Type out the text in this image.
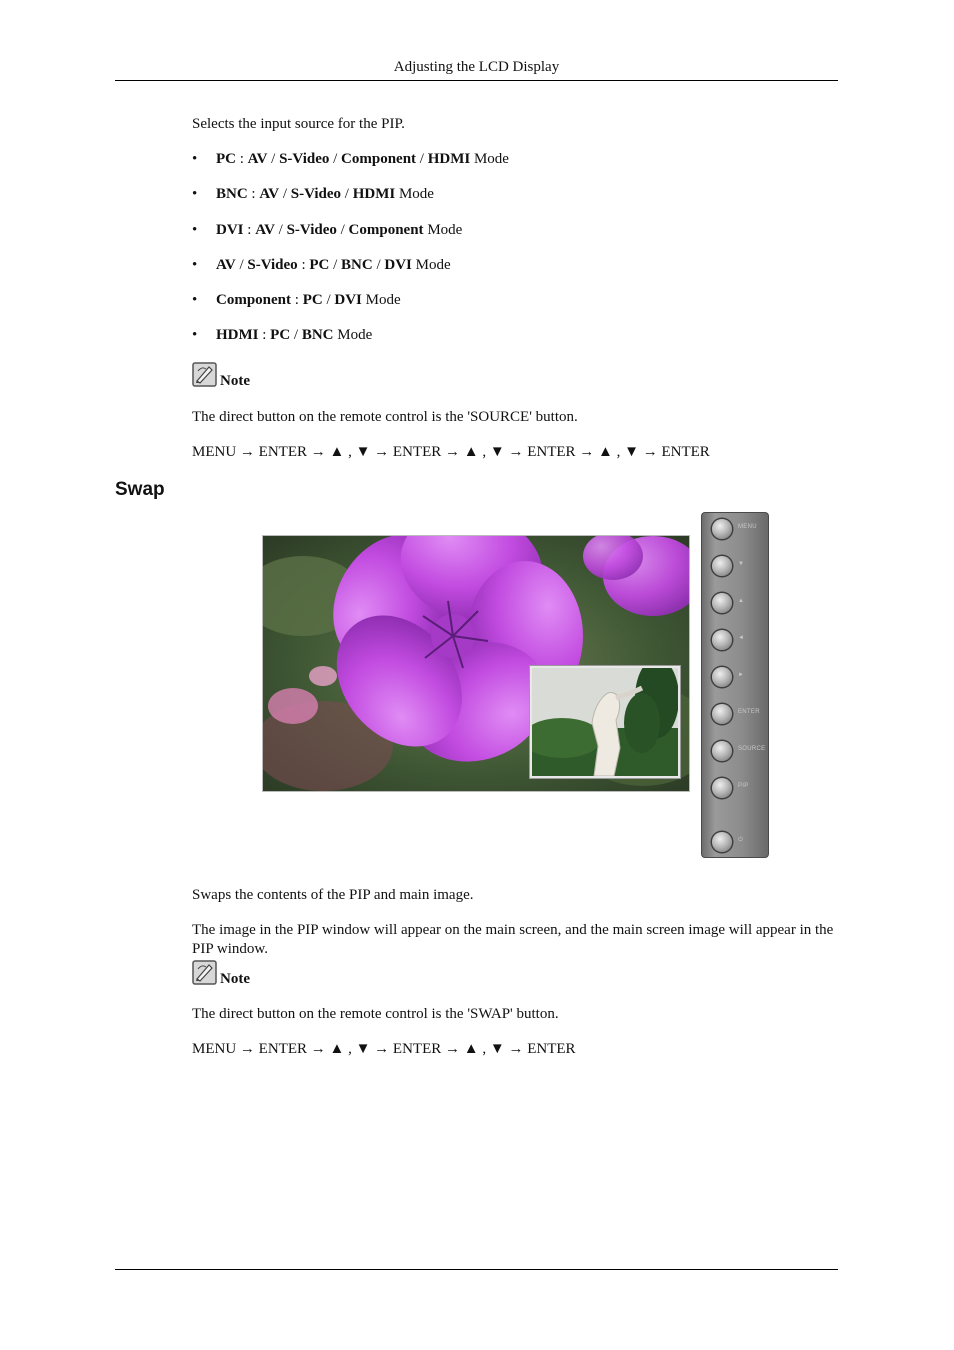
Adjusting the LCD Display

Selects the input source for the PIP.

• PC : AV / S-Video / Component / HDMI Mode
• BNC : AV / S-Video / HDMI Mode
• DVI : AV / S-Video / Component Mode
• AV / S-Video : PC / BNC / DVI Mode
• Component : PC / DVI Mode
• HDMI : PC / BNC Mode
Note

The direct button on the remote control is the 'SOURCE' button.

MENU → ENTER → ▲ , ▼ → ENTER → ▲ , ▼ → ENTER → ▲ , ▼ → ENTER
Swap
MENU
▼
▲
◄
►
ENTER
SOURCE
PIP
⏻

Swaps the contents of the PIP and main image.

The image in the PIP window will appear on the main screen, and the main screen image will appear in the PIP window.

Note

The direct button on the remote control is the 'SWAP' button.

MENU → ENTER → ▲ , ▼ → ENTER → ▲ , ▼ → ENTER
